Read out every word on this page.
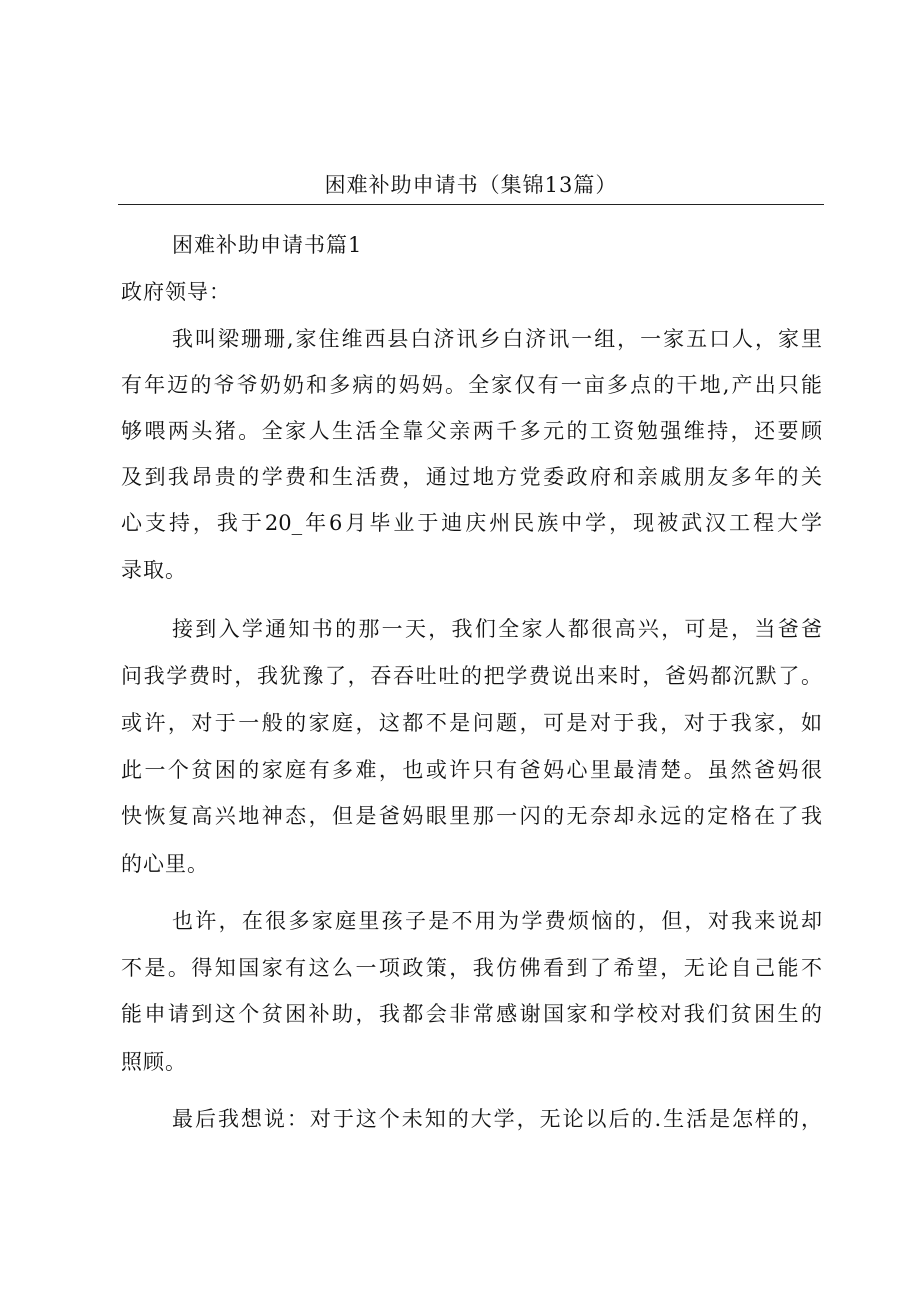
困难补助申请书（集锦13篇）
困难补助申请书篇1
政府领导：
我叫梁珊珊,家住维西县白济讯乡白济讯一组，一家五口人，家里
有年迈的爷爷奶奶和多病的妈妈。全家仅有一亩多点的干地,产出只能
够喂两头猪。全家人生活全靠父亲两千多元的工资勉强维持，还要顾
及到我昂贵的学费和生活费，通过地方党委政府和亲戚朋友多年的关
心支持，我于20_年6月毕业于迪庆州民族中学，现被武汉工程大学
录取。
接到入学通知书的那一天，我们全家人都很高兴，可是，当爸爸
问我学费时，我犹豫了，吞吞吐吐的把学费说出来时，爸妈都沉默了。
或许，对于一般的家庭，这都不是问题，可是对于我，对于我家，如
此一个贫困的家庭有多难，也或许只有爸妈心里最清楚。虽然爸妈很
快恢复高兴地神态，但是爸妈眼里那一闪的无奈却永远的定格在了我
的心里。
也许，在很多家庭里孩子是不用为学费烦恼的，但，对我来说却
不是。得知国家有这么一项政策，我仿佛看到了希望，无论自己能不
能申请到这个贫困补助，我都会非常感谢国家和学校对我们贫困生的
照顾。
最后我想说：对于这个未知的大学，无论以后的.生活是怎样的，
